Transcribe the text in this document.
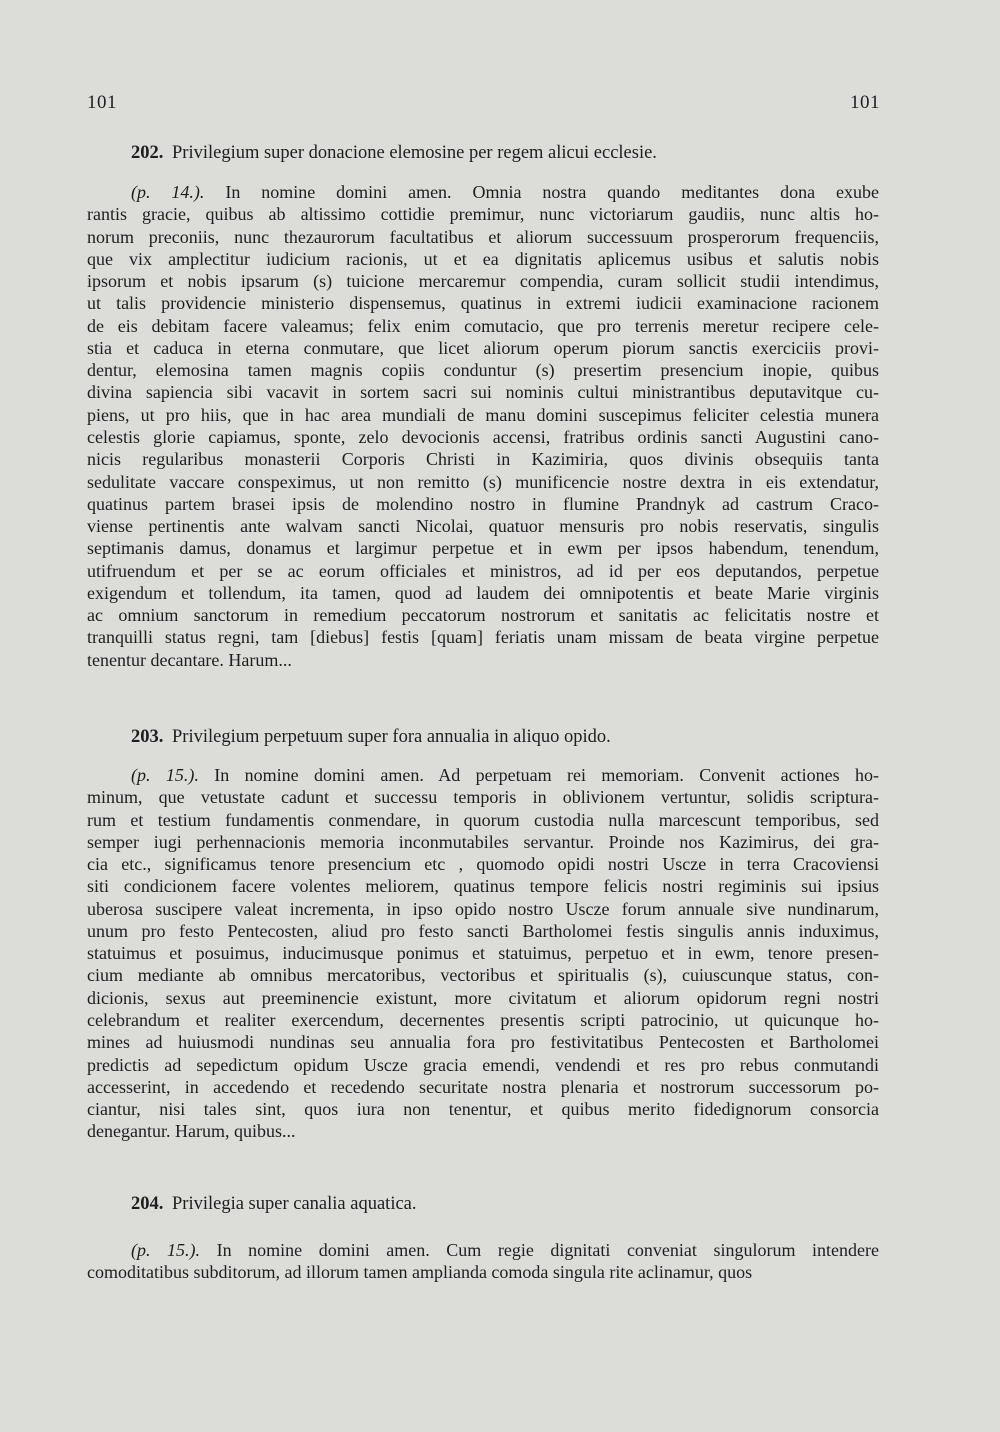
101	101
202. Privilegium super donacione elemosine per regem alicui ecclesie.
(p. 14.). In nomine domini amen. Omnia nostra quando meditantes dona exube
rantis gracie, quibus ab altissimo cottidie premimur, nunc victoriarum gaudiis, nunc altis ho-
norum preconiis, nunc thezaurorum facultatibus et aliorum successuum prosperorum frequenciis,
que vix amplectitur iudicium racionis, ut et ea dignitatis aplicemus usibus et salutis nobis
ipsorum et nobis ipsarum (s) tuicione mercaremur compendia, curam sollicit studii intendimus,
ut talis providencie ministerio dispensemus, quatinus in extremi iudicii examinacione racionem
de eis debitam facere valeamus; felix enim comutacio, que pro terrenis meretur recipere cele-
stia et caduca in eterna conmutare, que licet aliorum operum piorum sanctis exerciciis provi-
dentur, elemosina tamen magnis copiis conduntur (s) presertim presencium inopie, quibus
divina sapiencia sibi vacavit in sortem sacri sui nominis cultui ministrantibus deputavitque cu-
piens, ut pro hiis, que in hac area mundiali de manu domini suscepimus feliciter celestia munera
celestis glorie capiamus, sponte, zelo devocionis accensi, fratribus ordinis sancti Augustini cano-
nicis regularibus monasterii Corporis Christi in Kazimiria, quos divinis obsequiis tanta
sedulitate vaccare conspeximus, ut non remitto (s) munificencie nostre dextra in eis extendatur,
quatinus partem brasei ipsis de molendino nostro in flumine Prandnyk ad castrum Craco-
viense pertinentis ante walvam sancti Nicolai, quatuor mensuris pro nobis reservatis, singulis
septimanis damus, donamus et largimur perpetue et in ewm per ipsos habendum, tenendum,
utifruendum et per se ac eorum officiales et ministros, ad id per eos deputandos, perpetue
exigendum et tollendum, ita tamen, quod ad laudem dei omnipotentis et beate Marie virginis
ac omnium sanctorum in remedium peccatorum nostrorum et sanitatis ac felicitatis nostre et
tranquilli status regni, tam [diebus] festis [quam] feriatis unam missam de beata virgine perpetue
tenentur decantare. Harum...
203. Privilegium perpetuum super fora annualia in aliquo opido.
(p. 15.). In nomine domini amen. Ad perpetuam rei memoriam. Convenit actiones ho-
minum, que vetustate cadunt et successu temporis in oblivionem vertuntur, solidis scriptura-
rum et testium fundamentis conmendare, in quorum custodia nulla marcescunt temporibus, sed
semper iugi perhennacionis memoria inconmutabiles servantur. Proinde nos Kazimirus, dei gra-
cia etc., significamus tenore presencium etc , quomodo opidi nostri Uscze in terra Cracoviensi
siti condicionem facere volentes meliorem, quatinus tempore felicis nostri regiminis sui ipsius
uberosa suscipere valeat incrementa, in ipso opido nostro Uscze forum annuale sive nundinarum,
unum pro festo Pentecosten, aliud pro festo sancti Bartholomei festis singulis annis induximus,
statuimus et posuimus, inducimusque ponimus et statuimus, perpetuo et in ewm, tenore presen-
cium mediante ab omnibus mercatoribus, vectoribus et spiritualis (s), cuiuscunque status, con-
dicionis, sexus aut preeminencie existunt, more civitatum et aliorum opidorum regni nostri
celebrandum et realiter exercendum, decernentes presentis scripti patrocinio, ut quicunque ho-
mines ad huiusmodi nundinas seu annualia fora pro festivitatibus Pentecosten et Bartholomei
predictis ad sepedictum opidum Uscze gracia emendi, vendendi et res pro rebus conmutandi
accesserint, in accedendo et recedendo securitate nostra plenaria et nostrorum successorum po-
ciantur, nisi tales sint, quos iura non tenentur, et quibus merito fidedignorum consorcia
denegantur. Harum, quibus...
204. Privilegia super canalia aquatica.
(p. 15.). In nomine domini amen. Cum regie dignitati conveniat singulorum intendere
comoditatibus subditorum, ad illorum tamen amplianda comoda singula rite aclinamur, quos
